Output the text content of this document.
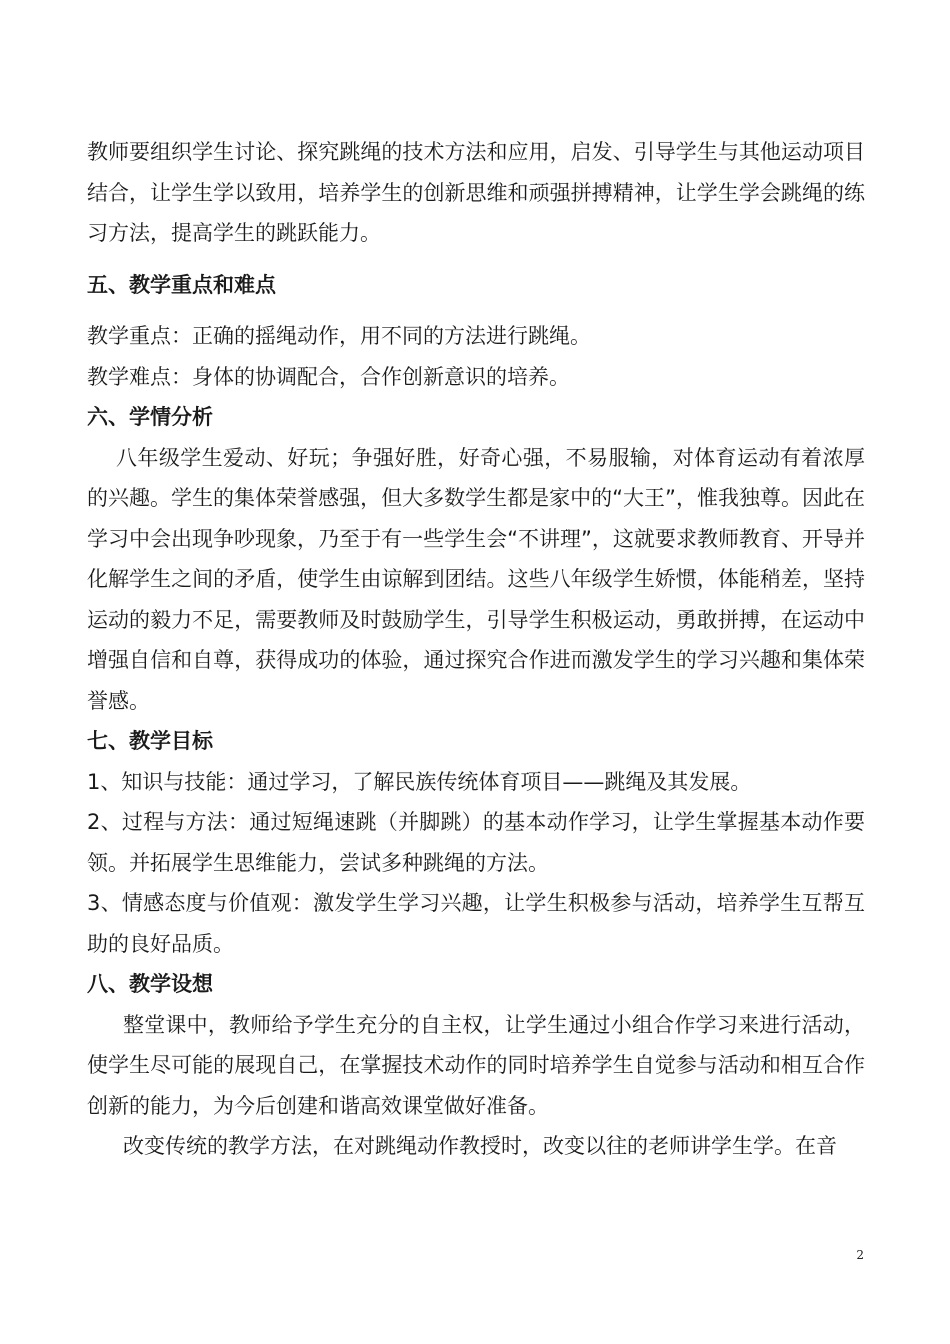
教师要组织学生讨论、探究跳绳的技术方法和应用，启发、引导学生与其他运动项目结合，让学生学以致用，培养学生的创新思维和顽强拼搏精神，让学生学会跳绳的练习方法，提高学生的跳跃能力。

五、教学重点和难点

教学重点：正确的摇绳动作，用不同的方法进行跳绳。

教学难点：身体的协调配合，合作创新意识的培养。

六、学情分析

八年级学生爱动、好玩；争强好胜，好奇心强，不易服输，对体育运动有着浓厚的兴趣。学生的集体荣誉感强，但大多数学生都是家中的“大王”，惟我独尊。因此在学习中会出现争吵现象，乃至于有一些学生会“不讲理”，这就要求教师教育、开导并化解学生之间的矛盾，使学生由谅解到团结。这些八年级学生娇惯，体能稍差，坚持运动的毅力不足，需要教师及时鼓励学生，引导学生积极运动，勇敢拼搏，在运动中增强自信和自尊，获得成功的体验，通过探究合作进而激发学生的学习兴趣和集体荣誉感。

七、教学目标

1、知识与技能：通过学习，了解民族传统体育项目——跳绳及其发展。

2、过程与方法：通过短绳速跳（并脚跳）的基本动作学习，让学生掌握基本动作要领。并拓展学生思维能力，尝试多种跳绳的方法。

3、情感态度与价值观：激发学生学习兴趣，让学生积极参与活动，培养学生互帮互助的良好品质。

八、教学设想

整堂课中，教师给予学生充分的自主权，让学生通过小组合作学习来进行活动，使学生尽可能的展现自己，在掌握技术动作的同时培养学生自觉参与活动和相互合作创新的能力，为今后创建和谐高效课堂做好准备。

改变传统的教学方法，在对跳绳动作教授时，改变以往的老师讲学生学。在音

2
